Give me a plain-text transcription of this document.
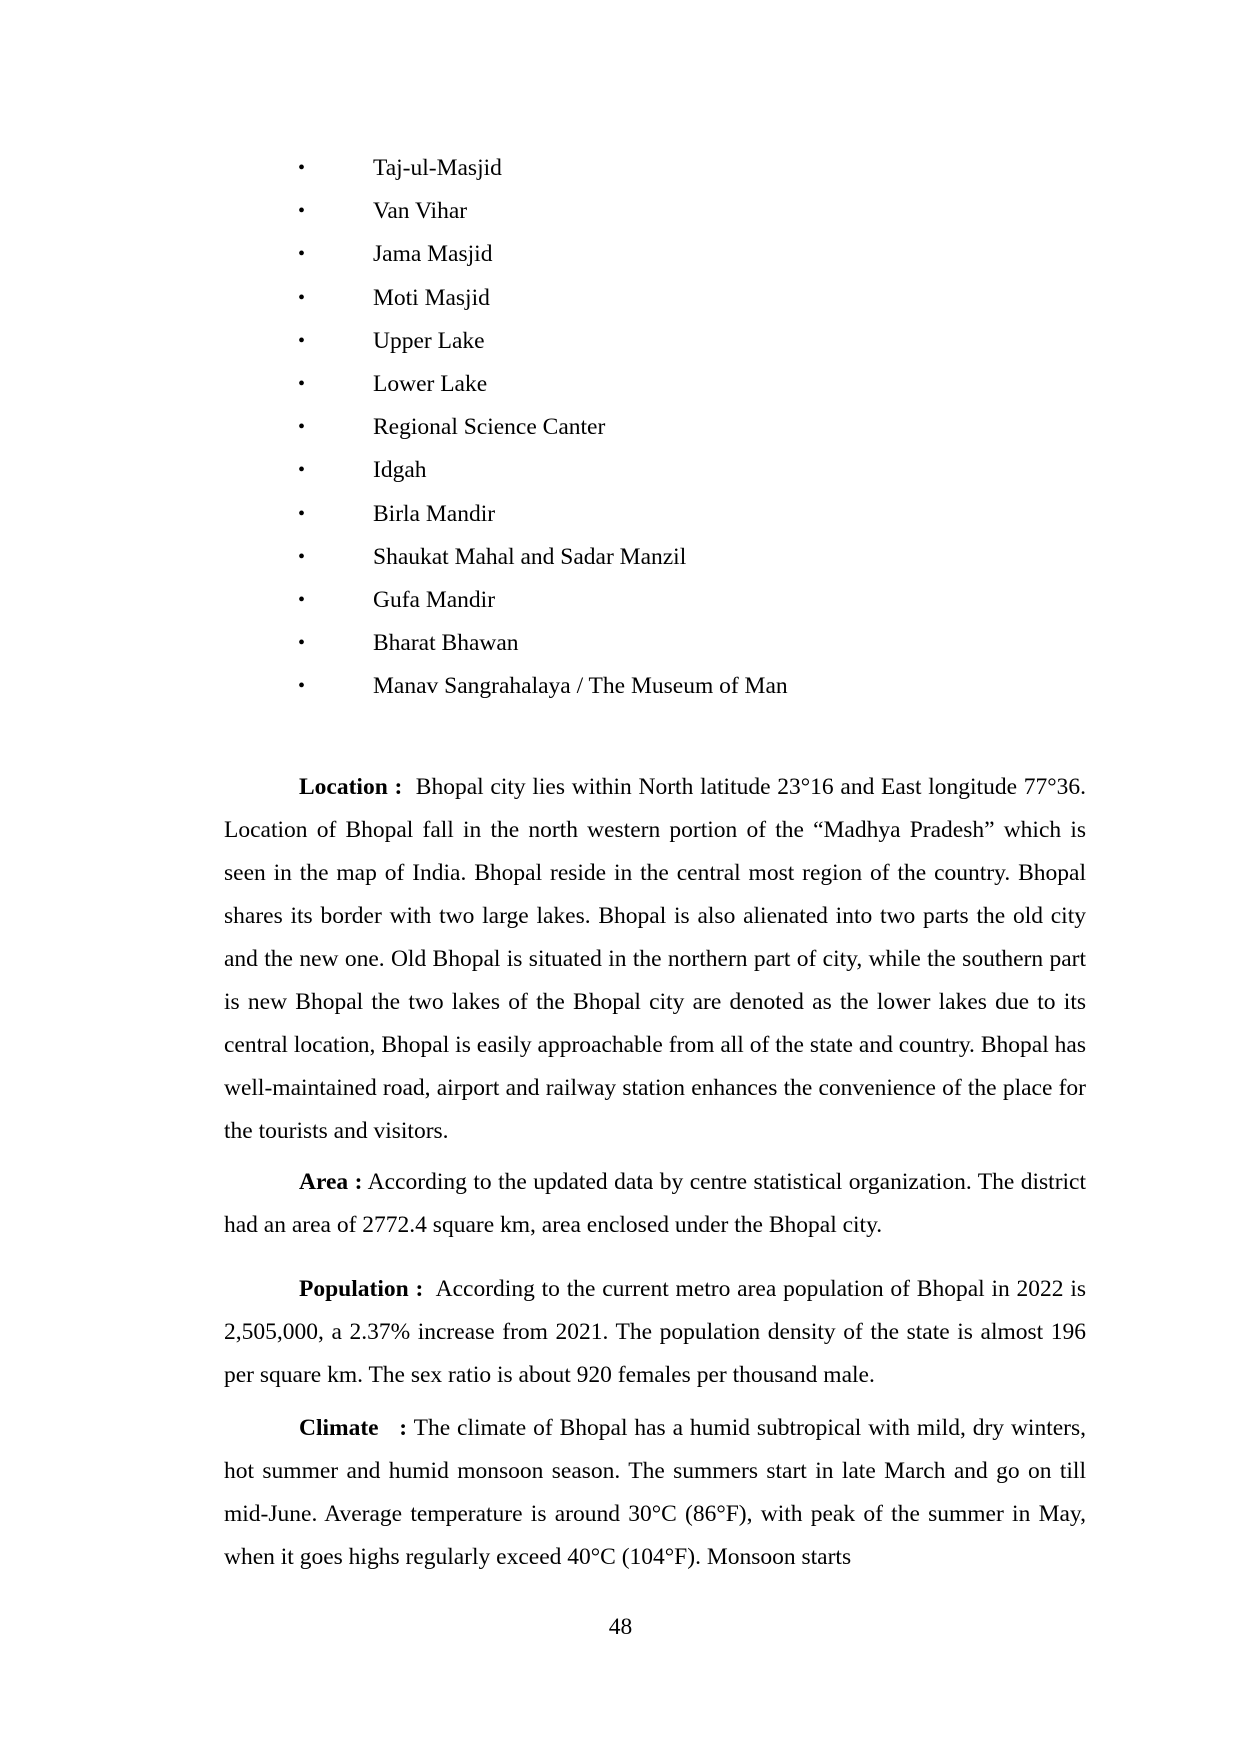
•	Taj-ul-Masjid
•	Van Vihar
•	Jama Masjid
•	Moti Masjid
•	Upper Lake
•	Lower Lake
•	Regional Science Canter
•	Idgah
•	Birla Mandir
•	Shaukat Mahal and Sadar Manzil
•	Gufa Mandir
•	Bharat Bhawan
•	Manav Sangrahalaya / The Museum of Man

Location : Bhopal city lies within North latitude 23°16 and East longitude 77°36. Location of Bhopal fall in the north western portion of the “Madhya Pradesh” which is seen in the map of India. Bhopal reside in the central most region of the country. Bhopal shares its border with two large lakes. Bhopal is also alienated into two parts the old city and the new one. Old Bhopal is situated in the northern part of city, while the southern part is new Bhopal the two lakes of the Bhopal city are denoted as the lower lakes due to its central location, Bhopal is easily approachable from all of the state and country. Bhopal has well-maintained road, airport and railway station enhances the convenience of the place for the tourists and visitors.

Area : According to the updated data by centre statistical organization. The district had an area of 2772.4 square km, area enclosed under the Bhopal city.

Population : According to the current metro area population of Bhopal in 2022 is 2,505,000, a 2.37% increase from 2021. The population density of the state is almost 196 per square km. The sex ratio is about 920 females per thousand male.

Climate   : The climate of Bhopal has a humid subtropical with mild, dry winters, hot summer and humid monsoon season. The summers start in late March and go on till mid-June. Average temperature is around 30°C (86°F), with peak of the summer in May, when it goes highs regularly exceed 40°C (104°F). Monsoon starts

48
